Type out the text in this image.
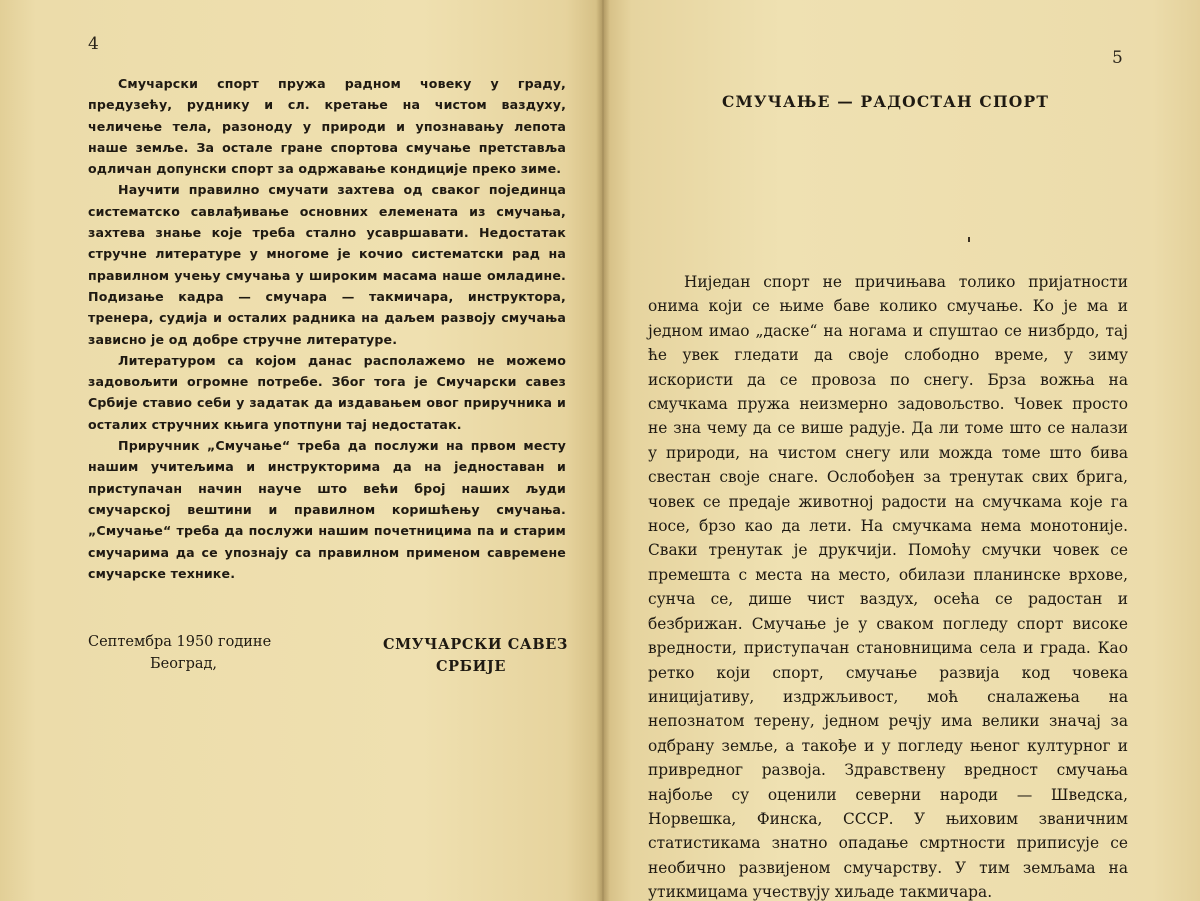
4

Смучарски спорт пружа радном човеку у граду, предузећу, руднику и сл. кретање на чистом ваздуху, челичење тела, разоноду у природи и упознавању лепота наше земље. За остале гране спортова смучање претставља одличан допунски спорт за одржавање кондиције преко зиме.

Научити правилно смучати захтева од сваког појединца систематско савлађивање основних елемената из смучања, захтева знање које треба стално усавршавати. Недостатак стручне литературе у многоме је кочио систематски рад на правилном учењу смучања у широким масама наше омладине. Подизање кадра — смучара — такмичара, инструктора, тренера, судија и осталих радника на даљем развоју смучања зависно је од добре стручне литературе.

Литературом са којом данас располажемо не можемо задовољити огромне потребе. Због тога је Смучарски савез Србије ставио себи у задатак да издавањем овог приручника и осталих стручних књига употпуни тај недостатак.

Приручник „Смучање“ треба да послужи на првом месту нашим учитељима и инструкторима да на једноставан и приступачан начин науче што већи број наших људи смучарској вештини и правилном коришћењу смучања. „Смучање“ треба да послужи нашим почетницима па и старим смучарима да се упознају са правилном применом савремене смучарске технике.

Септембра 1950 године
Београд,
СМУЧАРСКИ САВЕЗ
СРБИЈЕ
5
СМУЧАЊЕ — РАДОСТАН СПОРТ

Ниједан спорт не причињава толико пријатности онима који се њиме баве колико смучање. Ко је ма и једном имао „даске“ на ногама и спуштао се низбрдо, тај ће увек гледати да своје слободно време, у зиму искористи да се провоза по снегу. Брза вожња на смучкама пружа неизмерно задовољство. Човек просто не зна чему да се више радује. Да ли томе што се налази у природи, на чистом снегу или можда томе што бива свестан своје снаге. Ослобођен за тренутак свих брига, човек се предаје животној радости на смучкама које га носе, брзо као да лети. На смучкама нема монотоније. Сваки тренутак је друкчији. Помоћу смучки човек се премешта с места на место, обилази планинске врхове, сунча се, дише чист ваздух, осећа се радостан и безбрижан. Смучање је у сваком погледу спорт високе вредности, приступачан становницима села и града. Као ретко који спорт, смучање развија код човека иницијативу, издржљивост, моћ сналажења на непознатом терену, једном речју има велики значај за одбрану земље, а такође и у погледу њеног културног и привредног развоја. Здравствену вредност смучања најбоље су оценили северни народи — Шведска, Норвешка, Финска, СССР. У њиховим званичним статистикама знатно опадање смртности приписује се необично развијеном смучарству. У тим земљама на утикмицама учествују хиљаде такмичара.
